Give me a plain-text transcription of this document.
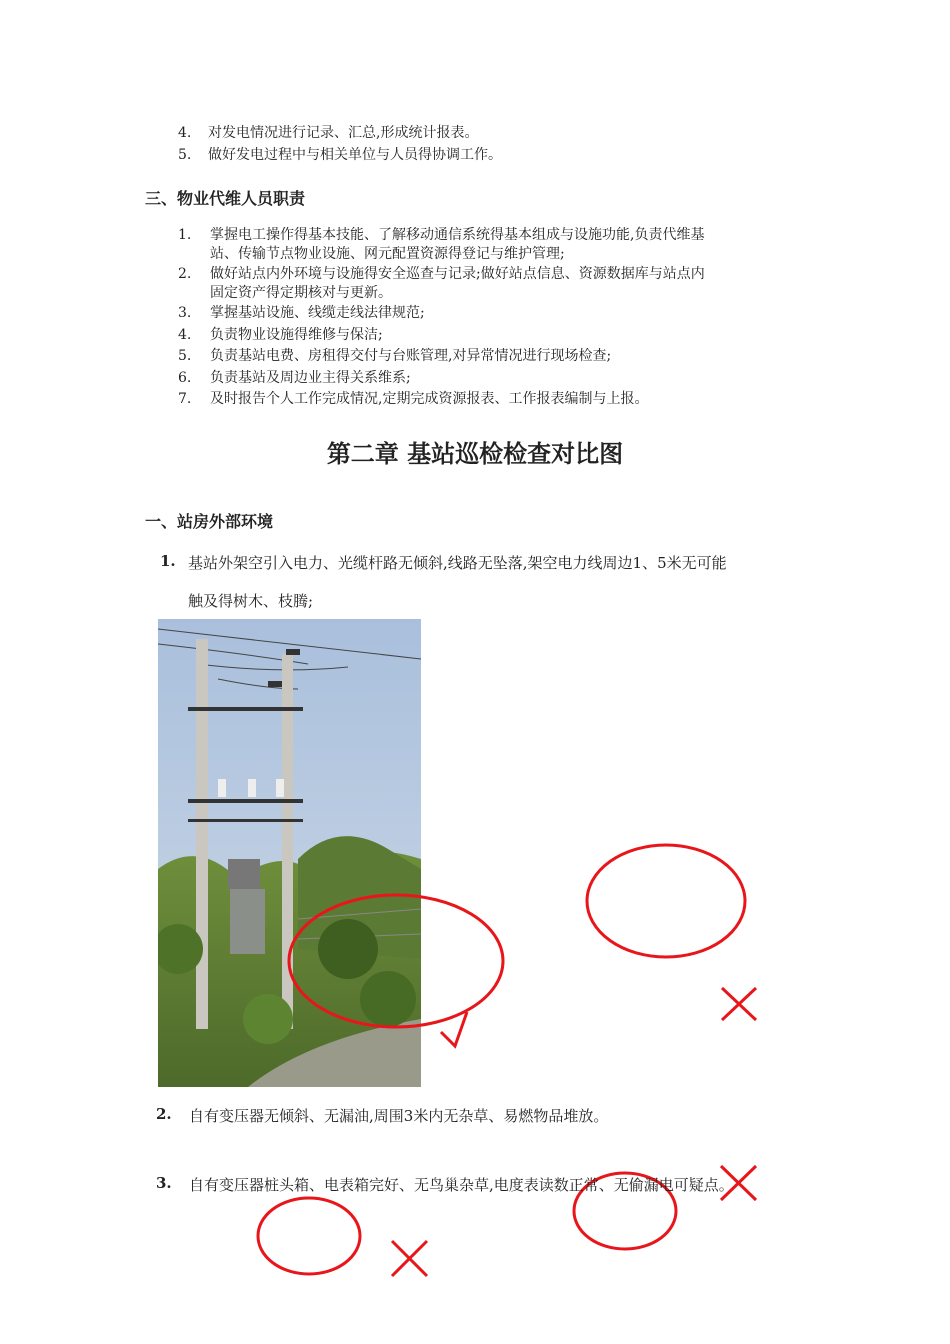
4. 对发电情况进行记录、汇总,形成统计报表。
5. 做好发电过程中与相关单位与人员得协调工作。
三、物业代维人员职责
1. 掌握电工操作得基本技能、了解移动通信系统得基本组成与设施功能,负责代维基
站、传输节点物业设施、网元配置资源得登记与维护管理;
2. 做好站点内外环境与设施得安全巡查与记录;做好站点信息、资源数据库与站点内
固定资产得定期核对与更新。
3. 掌握基站设施、线缆走线法律规范;
4. 负责物业设施得维修与保洁;
5. 负责基站电费、房租得交付与台账管理,对异常情况进行现场检查;
6. 负责基站及周边业主得关系维系;
7. 及时报告个人工作完成情况,定期完成资源报表、工作报表编制与上报。
第二章 基站巡检检查对比图
一、站房外部环境
1. 基站外架空引入电力、光缆杆路无倾斜,线路无坠落,架空电力线周边1、5米无可能
触及得树木、枝腾;
2. 自有变压器无倾斜、无漏油,周围3米内无杂草、易燃物品堆放。
3. 自有变压器桩头箱、电表箱完好、无鸟巢杂草,电度表读数正常、无偷漏电可疑点。
